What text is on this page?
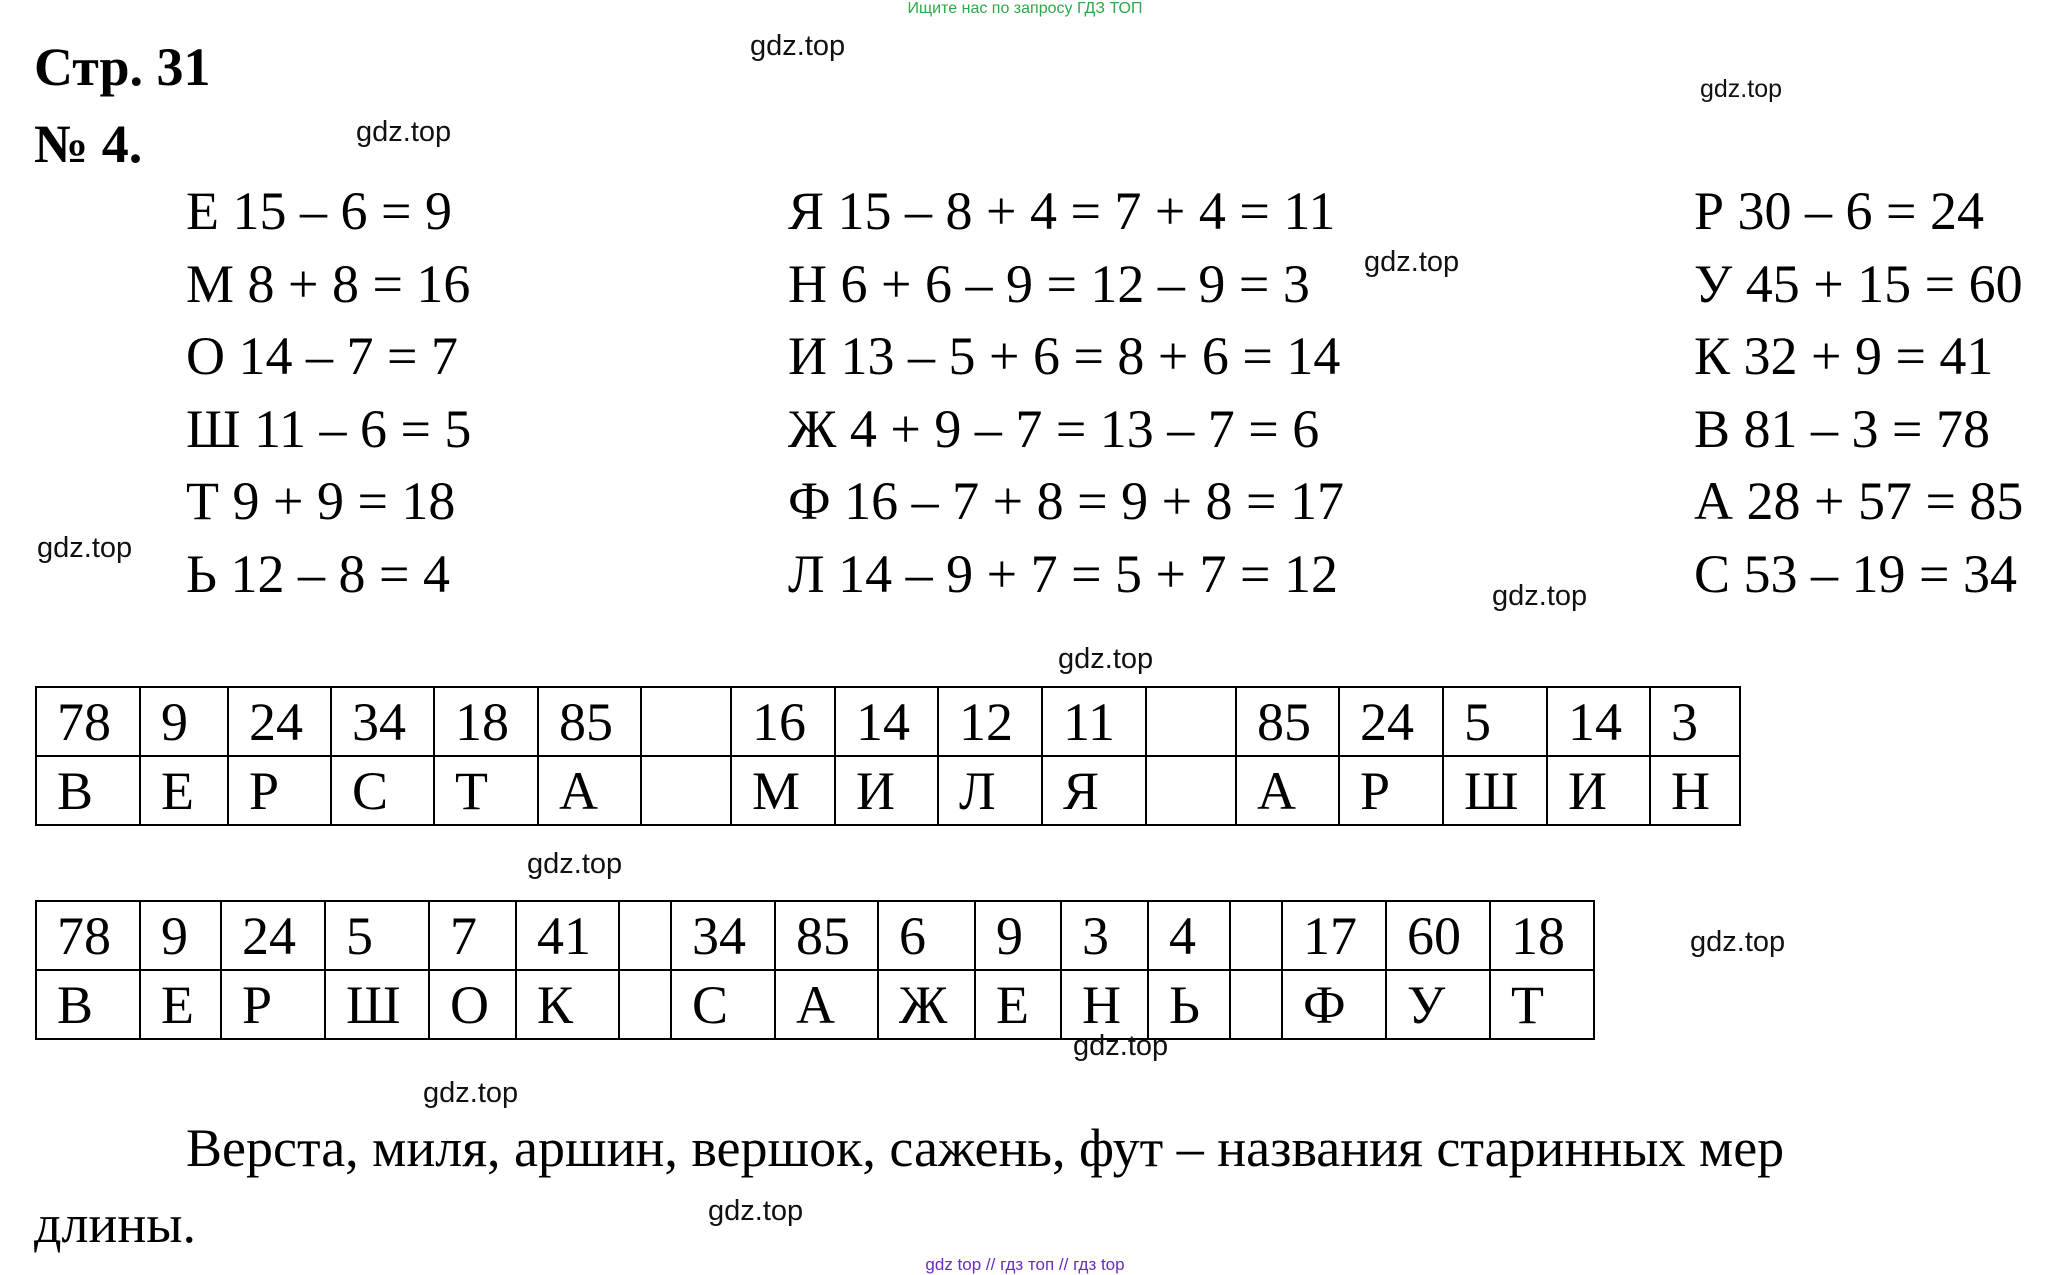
Ищите нас по запросу ГДЗ ТОП
Стр. 31
№ 4.
Е 15 – 6 = 9
М 8 + 8 = 16
О 14 – 7 = 7
Ш 11 – 6 = 5
Т 9 + 9 = 18
Ь 12 – 8 = 4
Я 15 – 8 + 4 = 7 + 4 = 11
Н 6 + 6 – 9 = 12 – 9 = 3
И 13 – 5 + 6 = 8 + 6 = 14
Ж 4 + 9 – 7 = 13 – 7 = 6
Ф 16 – 7 + 8 = 9 + 8 = 17
Л 14 – 9 + 7 = 5 + 7 = 12
Р 30 – 6 = 24
У 45 + 15 = 60
К 32 + 9 = 41
В 81 – 3 = 78
А 28 + 57 = 85
С 53 – 19 = 34
78	9	24	34	18	85		16	14	12	11		85	24	5	14	3
В	Е	Р	С	Т	А		М	И	Л	Я		А	Р	Ш	И	Н
78	9	24	5	7	41		34	85	6	9	3	4		17	60	18
В	Е	Р	Ш	О	К		С	А	Ж	Е	Н	Ь		Ф	У	Т
Верста, миля, аршин, вершок, сажень, фут – названия старинных мер
длины.
gdz.top
gdz.top
gdz.top
gdz.top
gdz.top
gdz.top
gdz.top
gdz.top
gdz.top
gdz.top
gdz.top
gdz.top
gdz top // гдз топ // гдз top
